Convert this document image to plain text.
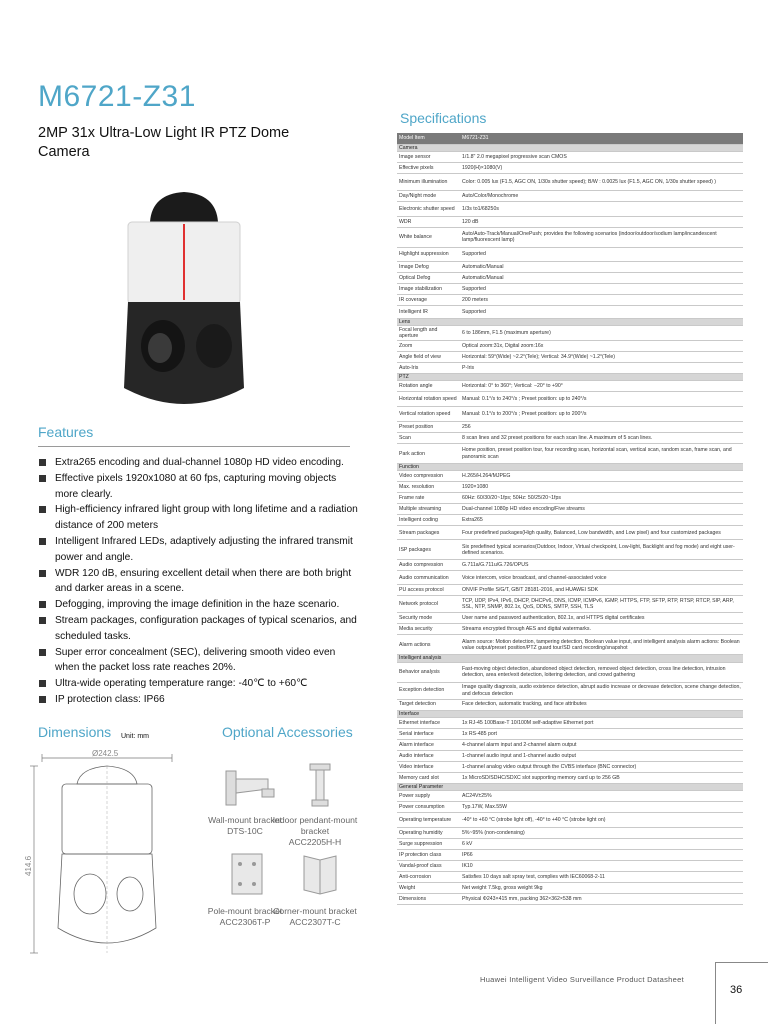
M6721-Z31
2MP 31x Ultra-Low Light IR PTZ Dome Camera
Features
Extra265 encoding and dual-channel 1080p HD video encoding.
Effective pixels 1920x1080 at 60 fps, capturing moving objects more clearly.
High-efficiency infrared light group with long lifetime and a radiation distance of 200 meters
Intelligent Infrared LEDs, adaptively adjusting the infrared transmit power and angle.
WDR 120 dB, ensuring excellent detail when there are both bright and darker areas in a scene.
Defogging, improving the image definition in the haze scenario.
Stream packages, configuration packages of typical scenarios, and scheduled tasks.
Super error concealment (SEC), delivering smooth video even when the packet loss rate reaches 20%.
Ultra-wide operating temperature range: -40℃ to +60℃
IP protection class: IP66
Dimensions Unit: mm
Ø242.5
414.6
Optional Accessories
Wall-mount bracket
DTS-10C
Indoor pendant-mount bracket
ACC2205H-H
Pole-mount bracket
ACC2306T-P
Corner-mount bracket
ACC2307T-C
Specifications
Model Item	M6721-Z31
Camera	
Image sensor	1/1.8" 2.0 megapixel progressive scan CMOS
Effective pixels	1920(H)×1080(V)
Minimum illumination	Color: 0.005 lux (F1.5, AGC ON, 1/30s shutter speed); B/W : 0.0025 lux (F1.5, AGC ON, 1/30s shutter speed) )
Day/Night mode	Auto/Color/Monochrome
Electronic shutter speed	1/3s to1/68250s
WDR	120 dB
White balance	Auto/Auto-Track/Manual/OnePush; provides the following scenarios (indoor/outdoor/sodium lamp/incandescent lamp/fluorescent lamp)
Highlight suppression	Supported
Image Defog	Automatic/Manual
Optical Defog	Automatic/Manual
Image stabilization	Supported
IR coverage	200 meters
Intelligent IR	Supported
Lens	
Focal length and aperture	6 to 186mm, F1.5 (maximum aperture)
Zoom	Optical zoom:31x, Digital zoom:16x
Angle field of view	Horizontal: 59°(Wide) ~2.2°(Tele); Vertical: 34.9°(Wide) ~1.2°(Tele)
Auto-Iris	P-Iris
PTZ	
Rotation angle	Horizontal: 0° to 360°; Vertical: −20° to +90°
Horizontal rotation speed	Manual: 0.1°/s to 240°/s ; Preset position: up to 240°/s
Vertical rotation speed	Manual: 0.1°/s to 200°/s ; Preset position: up to 200°/s
Preset position	256
Scan	8 scan lines and 32 preset positions for each scan line. A maximum of 5 scan lines.
Park action	Home position, preset position tour, four recording scan, horizontal scan, vertical scan, random scan, frame scan, and panoramic scan
Function	
Video compression	H.265/H.264/MJPEG
Max. resolution	1920×1080
Frame rate	60Hz: 60/30/20~1fps; 50Hz: 50/25/20~1fps
Multiple streaming	Dual-channel 1080p HD video encoding/Five streams
Intelligent coding	Extra265
Stream packages	Four predefined packages(High quality, Balanced, Low bandwidth, and Low pixel) and four customized packages
ISP packages	Six predefined typical scenarios(Outdoor, Indoor, Virtual checkpoint, Low-light, Backlight and fog mode) and eight user-defined scenarios.
Audio compression	G.711a/G.711u/G.726/OPUS
Audio communication	Voice intercom, voice broadcast, and channel-associated voice
PU access protocol	ONVIF Profile S/G/T, GB/T 28181-2016, and HUAWEI SDK
Network protocol	TCP, UDP, IPv4, IPv6, DHCP, DHCPv6, DNS, ICMP, ICMPv6, IGMP, HTTPS, FTP, SFTP, RTP, RTSP, RTCP, SIP, ARP, SSL, NTP, SNMP, 802.1x, QoS, DDNS, SMTP, SSH, TLS
Security mode	User name and password authentication, 802.1x, and HTTPS digital certificates
Media security	Streams encrypted through AES and digital watermarks.
Alarm actions	Alarm source: Motion detection, tampering detection, Boolean value input, and intelligent analysis alarm actions: Boolean value output/preset position/PTZ guard tour/SD card recording/snapshot
Intelligent analysis	
Behavior analysis	Fast-moving object detection, abandoned object detection, removed object detection, cross line detection, intrusion detection, area enter/exit detection, loitering detection, and crowd gathering
Exception detection	Image quality diagnosis, audio existence detection, abrupt audio increase or decrease detection, scene change detection, and defocus detection
Target detection	Face detection, automatic tracking, and face attributes
Interface	
Ethernet interface	1x RJ-45 100Base-T 10/100M self-adaptive Ethernet port
Serial interface	1x RS-485 port
Alarm interface	4-channel alarm input and 2-channel alarm output
Audio interface	1-channel audio input and 1-channel audio output
Video interface	1-channel analog video output through the CVBS interface (BNC connector)
Memory card slot	1x MicroSD/SDHC/SDXC slot supporting memory card up to 256 GB
General Parameter	
Power supply	AC24V±25%
Power consumption	Typ.17W, Max.55W
Operating temperature	-40° to +60 °C (strobe light off), -40° to +40 °C (strobe light on)
Operating humidity	5%~95% (non-condensing)
Surge suppression	6 kV
IP protection class	IP66
Vandal-proof class	IK10
Anti-corrosion	Satisfies 10 days salt spray test, complies with IEC60068-2-11
Weight	Net weight 7.5kg, gross weight 9kg
Dimensions	Physical Φ243×415 mm, packing 362×362×538 mm
Huawei Intelligent Video Surveillance Product Datasheet
36
